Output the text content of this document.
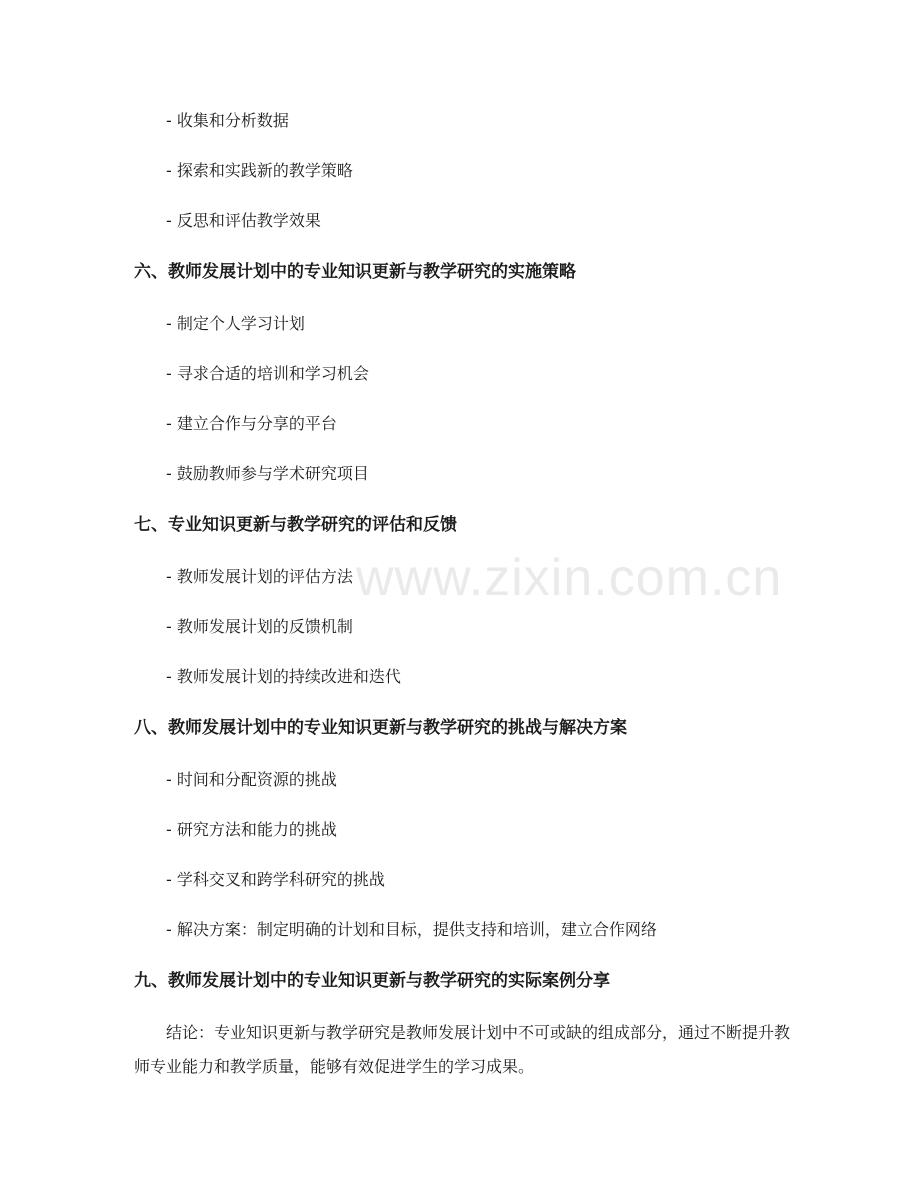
www.zixin.com.cn
- 收集和分析数据
- 探索和实践新的教学策略
- 反思和评估教学效果
六、教师发展计划中的专业知识更新与教学研究的实施策略
- 制定个人学习计划
- 寻求合适的培训和学习机会
- 建立合作与分享的平台
- 鼓励教师参与学术研究项目
七、专业知识更新与教学研究的评估和反馈
- 教师发展计划的评估方法
- 教师发展计划的反馈机制
- 教师发展计划的持续改进和迭代
八、教师发展计划中的专业知识更新与教学研究的挑战与解决方案
- 时间和分配资源的挑战
- 研究方法和能力的挑战
- 学科交叉和跨学科研究的挑战
- 解决方案：制定明确的计划和目标，提供支持和培训，建立合作网络
九、教师发展计划中的专业知识更新与教学研究的实际案例分享
结论：专业知识更新与教学研究是教师发展计划中不可或缺的组成部分，通过不断提升教师专业能力和教学质量，能够有效促进学生的学习成果。
